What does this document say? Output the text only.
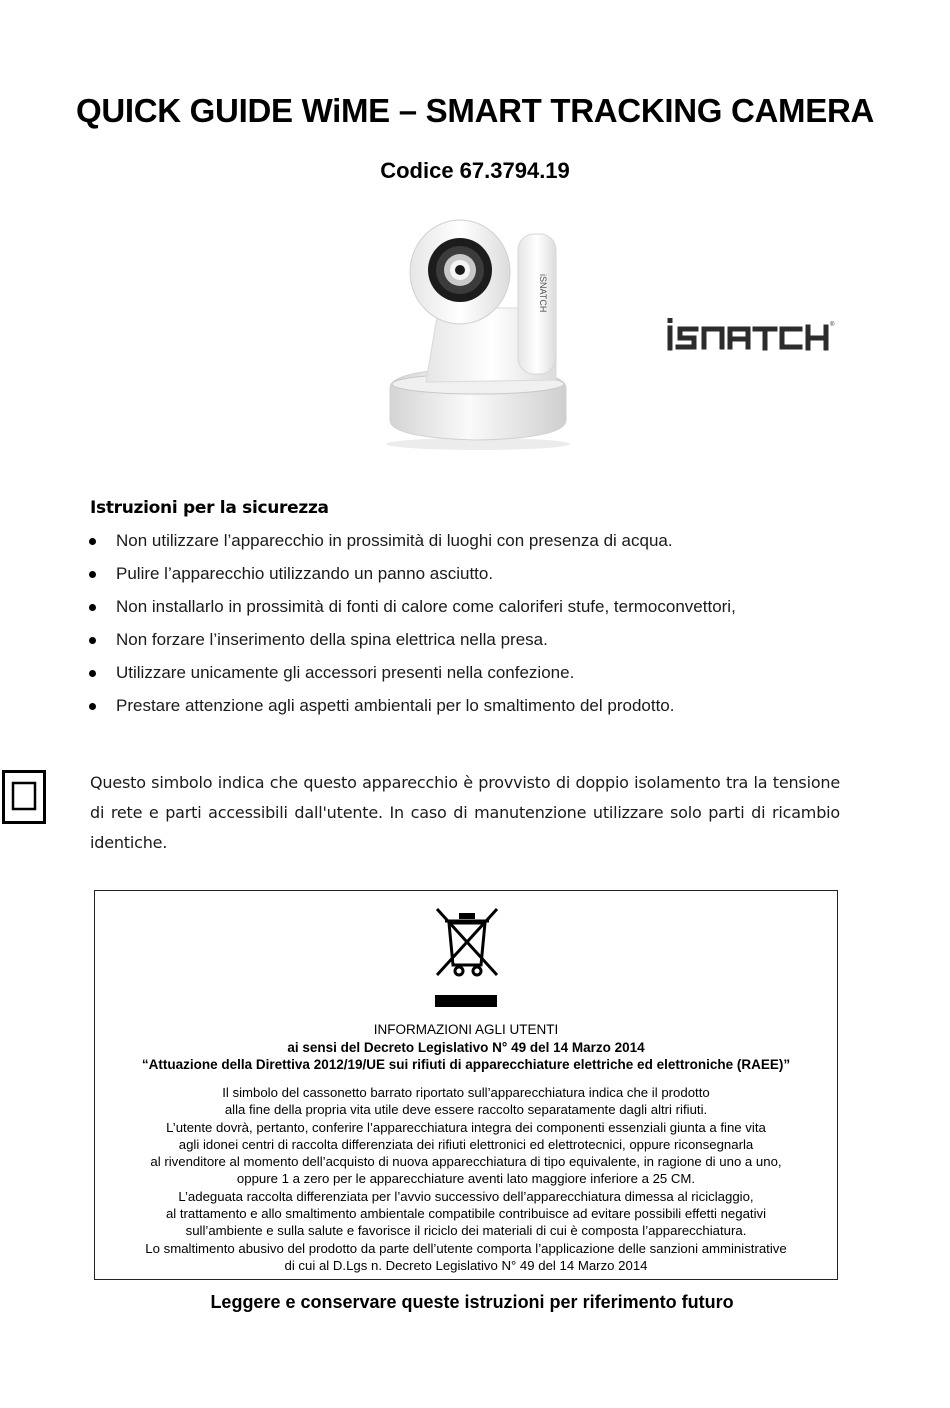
QUICK GUIDE WiME – SMART TRACKING CAMERA
Codice 67.3794.19
iSNATCH
®
Istruzioni per la sicurezza
Non utilizzare l’apparecchio in prossimità di luoghi con presenza di acqua.
Pulire l’apparecchio utilizzando un panno asciutto.
Non installarlo in prossimità di fonti di calore come caloriferi stufe, termoconvettori,
Non forzare l’inserimento della spina elettrica nella presa.
Utilizzare unicamente gli accessori presenti nella confezione.
Prestare attenzione agli aspetti ambientali per lo smaltimento del prodotto.
Questo simbolo indica che questo apparecchio è provvisto di doppio isolamento tra la tensione di rete e parti accessibili dall'utente. In caso di manutenzione utilizzare solo parti di ricambio identiche.
INFORMAZIONI AGLI UTENTI
ai sensi del Decreto Legislativo N° 49 del 14 Marzo 2014
“Attuazione della Direttiva 2012/19/UE sui rifiuti di apparecchiature elettriche ed elettroniche (RAEE)”
Il simbolo del cassonetto barrato riportato sull’apparecchiatura indica che il prodotto
alla fine della propria vita utile deve essere raccolto separatamente dagli altri rifiuti.
L’utente dovrà, pertanto, conferire l’apparecchiatura integra dei componenti essenziali giunta a fine vita
agli idonei centri di raccolta differenziata dei rifiuti elettronici ed elettrotecnici, oppure riconsegnarla
al rivenditore al momento dell’acquisto di nuova apparecchiatura di tipo equivalente, in ragione di uno a uno,
oppure 1 a zero per le apparecchiature aventi lato maggiore inferiore a 25 CM.
L’adeguata raccolta differenziata per l’avvio successivo dell’apparecchiatura dimessa al riciclaggio,
al trattamento e allo smaltimento ambientale compatibile contribuisce ad evitare possibili effetti negativi
sull’ambiente e sulla salute e favorisce il riciclo dei materiali di cui è composta l’apparecchiatura.
Lo smaltimento abusivo del prodotto da parte dell’utente comporta l’applicazione delle sanzioni amministrative
di cui al D.Lgs n. Decreto Legislativo N° 49 del 14 Marzo 2014
Leggere e conservare queste istruzioni per riferimento futuro
